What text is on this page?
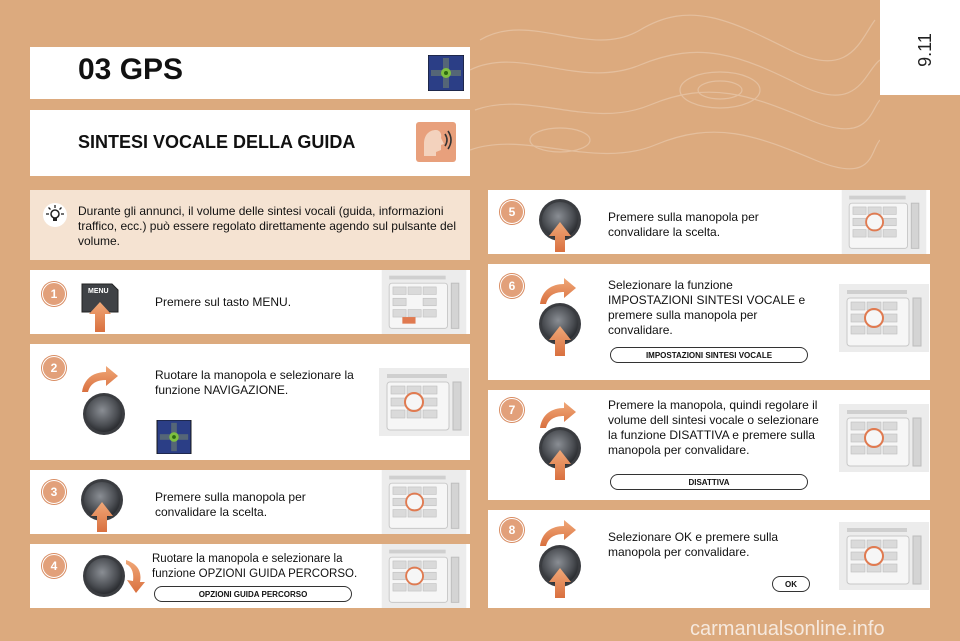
9.11
03 GPS
SINTESI VOCALE DELLA GUIDA
Durante gli annunci, il volume delle sintesi vocali (guida, informazioni traffico, ecc.) può essere regolato direttamente agendo sul pulsante del volume.
1	MENU
Premere sul tasto MENU.
2	Ruotare la manopola e selezionare la funzione NAVIGAZIONE.
3	Premere sulla manopola per convalidare la scelta.
4	Ruotare la manopola e selezionare la funzione OPZIONI GUIDA PERCORSO.
OPZIONI GUIDA PERCORSO
5	Premere sulla manopola per convalidare la scelta.
6	Selezionare la funzione IMPOSTAZIONI SINTESI VOCALE e premere sulla manopola per convalidare.
IMPOSTAZIONI SINTESI VOCALE
7	Premere la manopola, quindi regolare il volume dell sintesi vocale o selezionare la funzione DISATTIVA e premere sulla manopola per convalidare.
DISATTIVA
8	Selezionare OK e premere sulla manopola per convalidare.
OK
carmanualsonline.info
